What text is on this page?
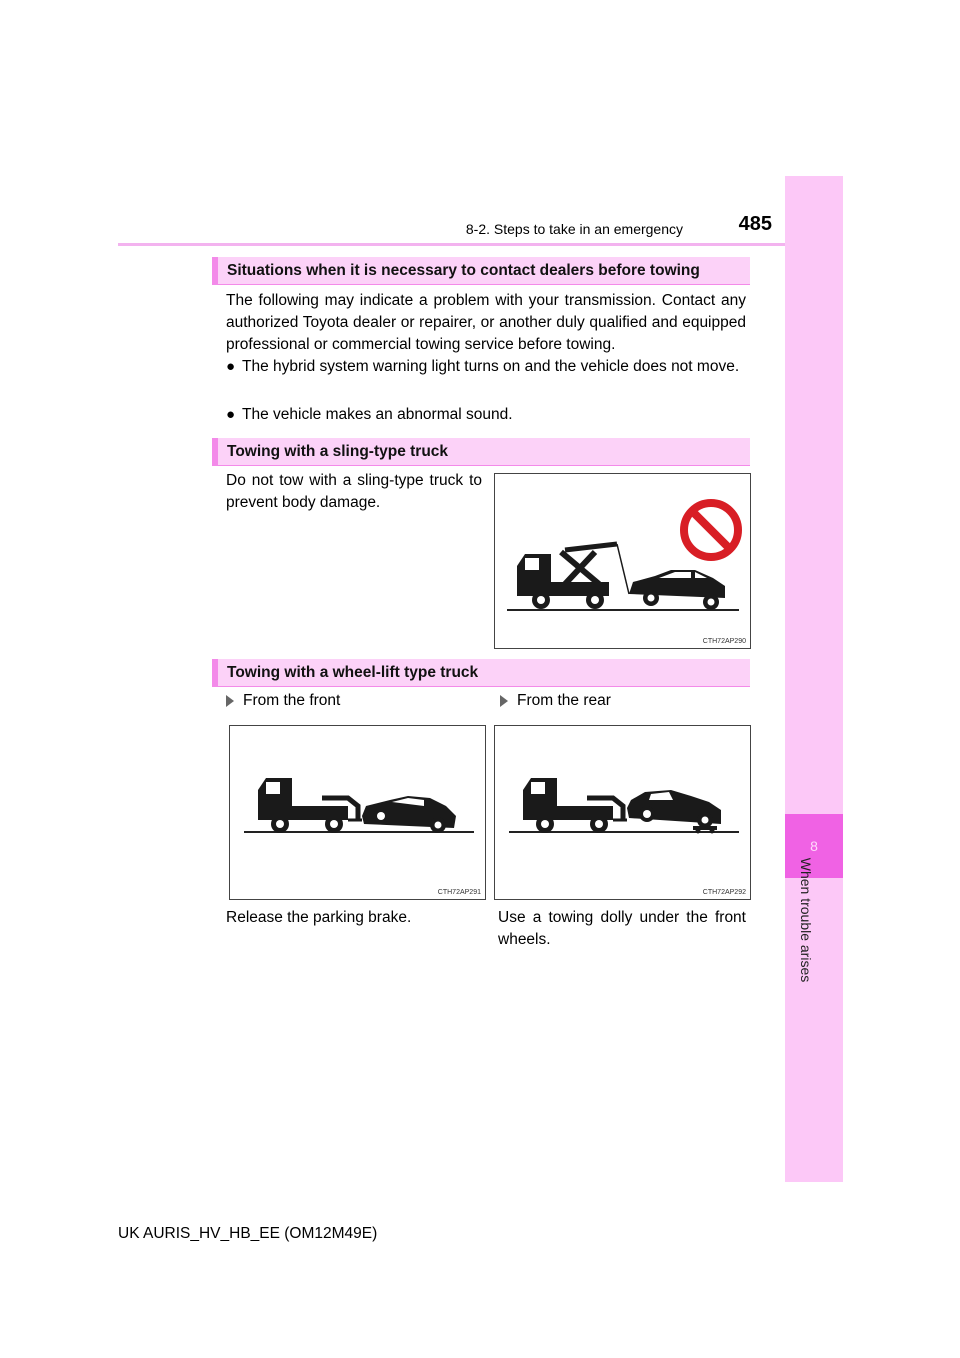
8-2. Steps to take in an emergency	485
8
When trouble arises
Situations when it is necessary to contact dealers before towing
The following may indicate a problem with your transmission. Contact any authorized Toyota dealer or repairer, or another duly qualified and equipped professional or commercial towing service before towing.
● The hybrid system warning light turns on and the vehicle does not move.
● The vehicle makes an abnormal sound.
Towing with a sling-type truck
Do not tow with a sling-type truck to prevent body damage.
CTH72AP290
Towing with a wheel-lift type truck
From the front	From the rear
CTH72AP291	CTH72AP292
Release the parking brake.	Use a towing dolly under the front wheels.
UK AURIS_HV_HB_EE (OM12M49E)
